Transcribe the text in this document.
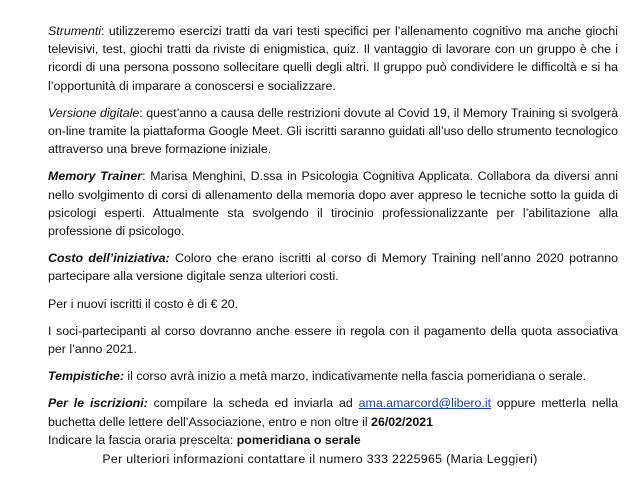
Strumenti: utilizzeremo esercizi tratti da vari testi specifici per l’allenamento cognitivo ma anche giochi televisivi, test, giochi tratti da riviste di enigmistica, quiz. Il vantaggio di lavorare con un gruppo è che i ricordi di una persona possono sollecitare quelli degli altri. Il gruppo può condividere le difficoltà e si ha l’opportunità di imparare a conoscersi e socializzare.

Versione digitale: quest’anno a causa delle restrizioni dovute al Covid 19, il Memory Training si svolgerà on-line tramite la piattaforma Google Meet. Gli iscritti saranno guidati all’uso dello strumento tecnologico attraverso una breve formazione iniziale.

Memory Trainer: Marisa Menghini, D.ssa in Psicologia Cognitiva Applicata. Collabora da diversi anni nello svolgimento di corsi di allenamento della memoria dopo aver appreso le tecniche sotto la guida di psicologi esperti. Attualmente sta svolgendo il tirocinio professionalizzante per l’abilitazione alla professione di psicologo.

Costo dell’iniziativa: Coloro che erano iscritti al corso di Memory Training nell’anno 2020 potranno partecipare alla versione digitale senza ulteriori costi.

Per i nuovi iscritti il costo è di € 20.

I soci-partecipanti al corso dovranno anche essere in regola con il pagamento della quota associativa per l’anno 2021.

Tempistiche: il corso avrà inizio a metà marzo, indicativamente nella fascia pomeridiana o serale.

Per le iscrizioni: compilare la scheda ed inviarla ad ama.amarcord@libero.it oppure metterla nella buchetta delle lettere dell’Associazione, entro e non oltre il 26/02/2021

Indicare la fascia oraria prescelta: pomeridiana o serale

Per ulteriori informazioni contattare il numero 333 2225965 (Maria Leggieri)
